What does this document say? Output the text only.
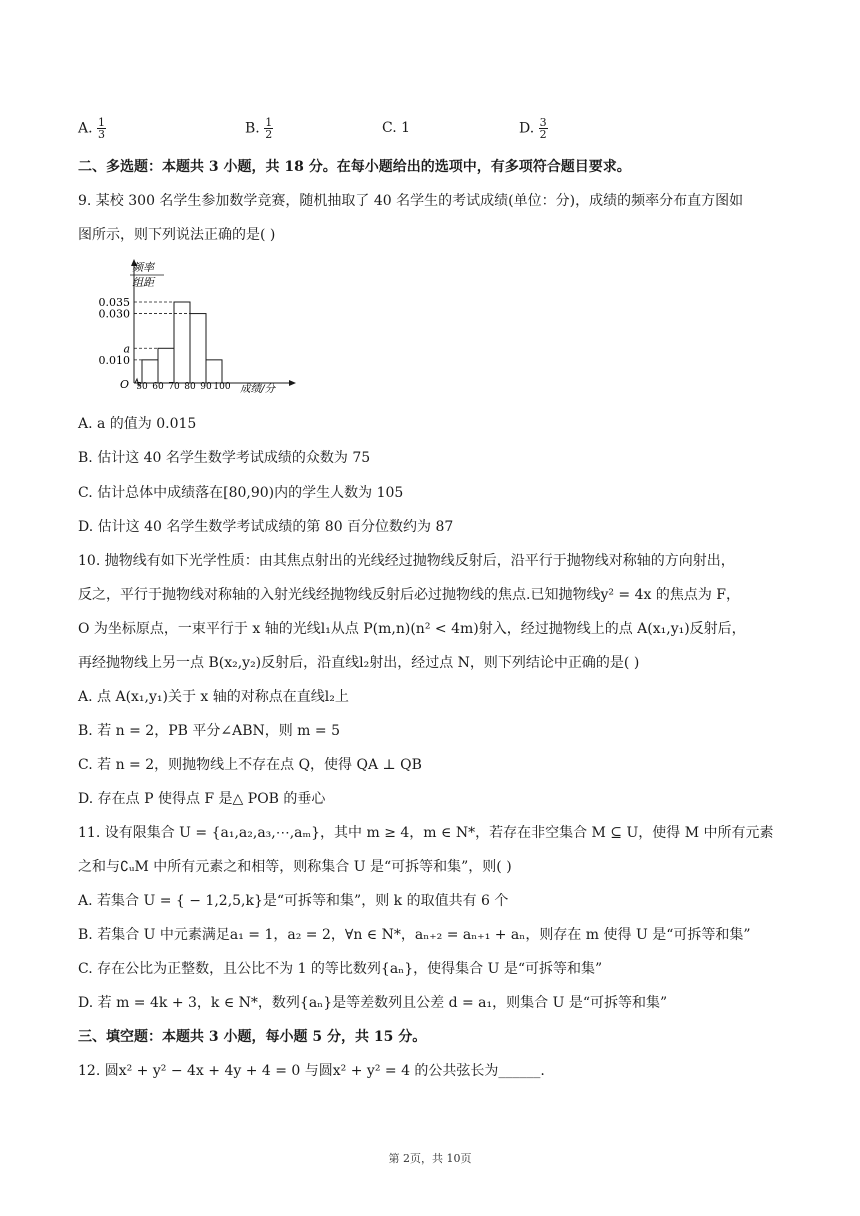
A. $\frac{1}{3}$	B. $\frac{1}{2}$	C. 1	D. $\frac{3}{2}$
二、多选题：本题共 3 小题，共 18 分。在每小题给出的选项中，有多项符合题目要求。
9. 某校 300 名学生参加数学竞赛，随机抽取了 40 名学生的考试成绩(单位：分)，成绩的频率分布直方图如
图所示，则下列说法正确的是( )
频率
组距
O	成绩/分
0.035
0.030
a
0.010
50 60 70 80 90 100
A. a 的值为 0.015
B. 估计这 40 名学生数学考试成绩的众数为 75
C. 估计总体中成绩落在[80,90)内的学生人数为 105
D. 估计这 40 名学生数学考试成绩的第 80 百分位数约为 87
10. 抛物线有如下光学性质：由其焦点射出的光线经过抛物线反射后，沿平行于抛物线对称轴的方向射出，
反之，平行于抛物线对称轴的入射光线经抛物线反射后必过抛物线的焦点.已知抛物线y² = 4x 的焦点为 F，
O 为坐标原点，一束平行于 x 轴的光线l₁从点 P(m,n)(n² < 4m)射入，经过抛物线上的点 A(x₁,y₁)反射后，
再经抛物线上另一点 B(x₂,y₂)反射后，沿直线l₂射出，经过点 N，则下列结论中正确的是( )
A. 点 A(x₁,y₁)关于 x 轴的对称点在直线l₂上
B. 若 n = 2，PB 平分∠ABN，则 m = 5
C. 若 n = 2，则抛物线上不存在点 Q，使得 QA ⊥ QB
D. 存在点 P 使得点 F 是△ POB 的垂心
11. 设有限集合 U = {a₁,a₂,a₃,⋯,aₘ}，其中 m ≥ 4，m ∈ N*，若存在非空集合 M ⊆ U，使得 M 中所有元素
之和与∁ᵤM 中所有元素之和相等，则称集合 U 是“可拆等和集”，则( )
A. 若集合 U = { − 1,2,5,k}是“可拆等和集”，则 k 的取值共有 6 个
B. 若集合 U 中元素满足a₁ = 1，a₂ = 2，∀n ∈ N*，aₙ₊₂ = aₙ₊₁ + aₙ，则存在 m 使得 U 是“可拆等和集”
C. 存在公比为正整数，且公比不为 1 的等比数列{aₙ}，使得集合 U 是“可拆等和集”
D. 若 m = 4k + 3，k ∈ N*，数列{aₙ}是等差数列且公差 d = a₁，则集合 U 是“可拆等和集”
三、填空题：本题共 3 小题，每小题 5 分，共 15 分。
12. 圆x² + y² − 4x + 4y + 4 = 0 与圆x² + y² = 4 的公共弦长为______.
第 2页，共 10页
